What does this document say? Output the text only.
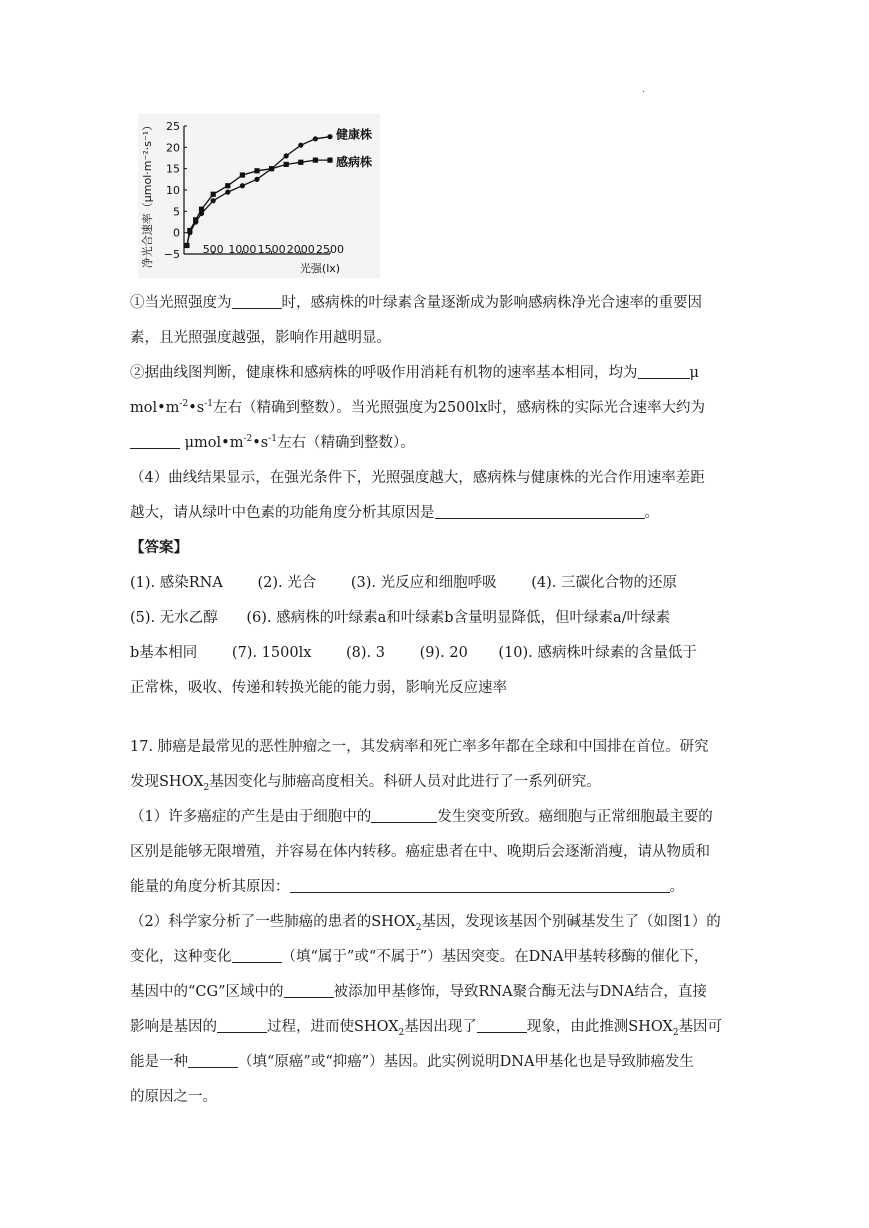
.
净光合速率（μmol·m⁻²·s⁻¹） 25
20
15
10
5
0
−5 500 1000 1500 2000 2500
健康株
感病株
光强(lx)
①当光照强度为	时，感病株的叶绿素含量逐渐成为影响感病株净光合速率的重要因
素，且光照强度越强，影响作用越明显。
②据曲线图判断，健康株和感病株的呼吸作用消耗有机物的速率基本相同，均为	μ
$mol•m^{-2}•s^{-1}$左右（精确到整数）。当光照强度为2500lx时，感病株的实际光合速率大约为
$\mu mol•m^{-2}•s^{-1}$左右（精确到整数）。
（4）曲线结果显示，在强光条件下，光照强度越大，感病株与健康株的光合作用速率差距
越大，请从绿叶中色素的功能角度分析其原因是	。
【答案】
(1). 感染RNA (2). 光合 (3). 光反应和细胞呼吸 (4). 三碳化合物的还原
(5). 无水乙醇 (6). 感病株的叶绿素a和叶绿素b含量明显降低，但叶绿素a/叶绿素
b基本相同 (7). 1500lx (8). 3 (9). 20 (10). 感病株叶绿素的含量低于
正常株，吸收、传递和转换光能的能力弱，影响光反应速率
17. 肺癌是最常见的恶性肿瘤之一，其发病率和死亡率多年都在全球和中国排在首位。研究
发现$SHOX_2$基因变化与肺癌高度相关。科研人员对此进行了一系列研究。
（1）许多癌症的产生是由于细胞中的	发生突变所致。癌细胞与正常细胞最主要的
区别是能够无限增殖，并容易在体内转移。癌症患者在中、晚期后会逐渐消瘦，请从物质和
能量的角度分析其原因：	。
（2）科学家分析了一些肺癌的患者的$SHOX_2$基因，发现该基因个别碱基发生了（如图1）的
变化，这种变化	（填“属于”或“不属于”）基因突变。在DNA甲基转移酶的催化下，
基因中的“CG”区域中的	被添加甲基修饰，导致RNA聚合酶无法与DNA结合，直接
影响是基因的	过程，进而使$SHOX_2$基因出现了	现象，由此推测$SHOX_2$基因可
能是一种	（填“原癌”或“抑癌”）基因。此实例说明DNA甲基化也是导致肺癌发生
的原因之一。
